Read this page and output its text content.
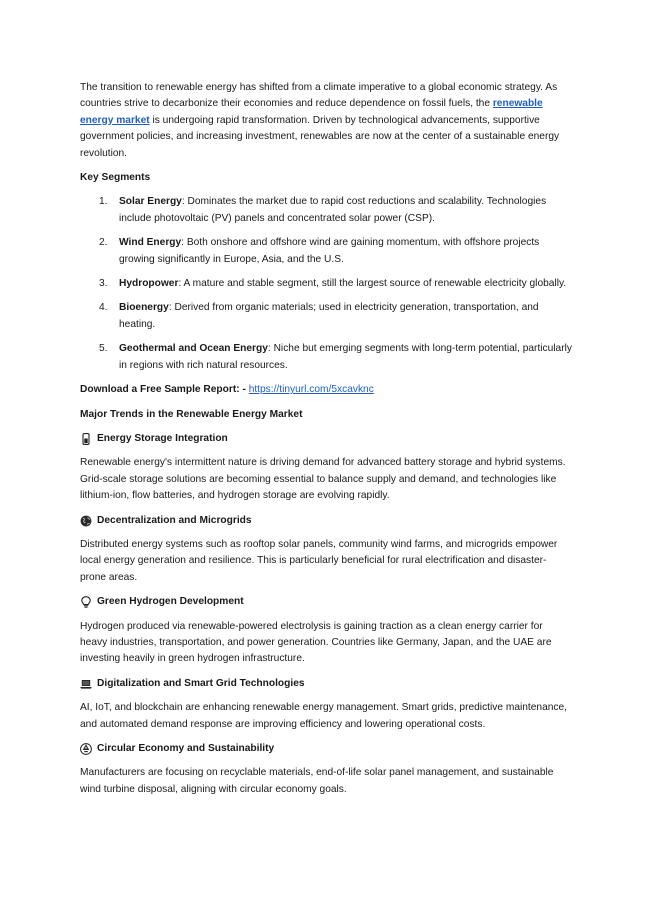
The transition to renewable energy has shifted from a climate imperative to a global economic strategy. As countries strive to decarbonize their economies and reduce dependence on fossil fuels, the renewable energy market is undergoing rapid transformation. Driven by technological advancements, supportive government policies, and increasing investment, renewables are now at the center of a sustainable energy revolution.

Key Segments

1. Solar Energy: Dominates the market due to rapid cost reductions and scalability. Technologies include photovoltaic (PV) panels and concentrated solar power (CSP).
2. Wind Energy: Both onshore and offshore wind are gaining momentum, with offshore projects growing significantly in Europe, Asia, and the U.S.
3. Hydropower: A mature and stable segment, still the largest source of renewable electricity globally.
4. Bioenergy: Derived from organic materials; used in electricity generation, transportation, and heating.
5. Geothermal and Ocean Energy: Niche but emerging segments with long-term potential, particularly in regions with rich natural resources.

Download a Free Sample Report: - https://tinyurl.com/5xcavknc

Major Trends in the Renewable Energy Market

Energy Storage Integration

Renewable energy's intermittent nature is driving demand for advanced battery storage and hybrid systems. Grid-scale storage solutions are becoming essential to balance supply and demand, and technologies like lithium-ion, flow batteries, and hydrogen storage are evolving rapidly.

Decentralization and Microgrids

Distributed energy systems such as rooftop solar panels, community wind farms, and microgrids empower local energy generation and resilience. This is particularly beneficial for rural electrification and disaster-prone areas.

Green Hydrogen Development

Hydrogen produced via renewable-powered electrolysis is gaining traction as a clean energy carrier for heavy industries, transportation, and power generation. Countries like Germany, Japan, and the UAE are investing heavily in green hydrogen infrastructure.

Digitalization and Smart Grid Technologies

AI, IoT, and blockchain are enhancing renewable energy management. Smart grids, predictive maintenance, and automated demand response are improving efficiency and lowering operational costs.

Circular Economy and Sustainability

Manufacturers are focusing on recyclable materials, end-of-life solar panel management, and sustainable wind turbine disposal, aligning with circular economy goals.
